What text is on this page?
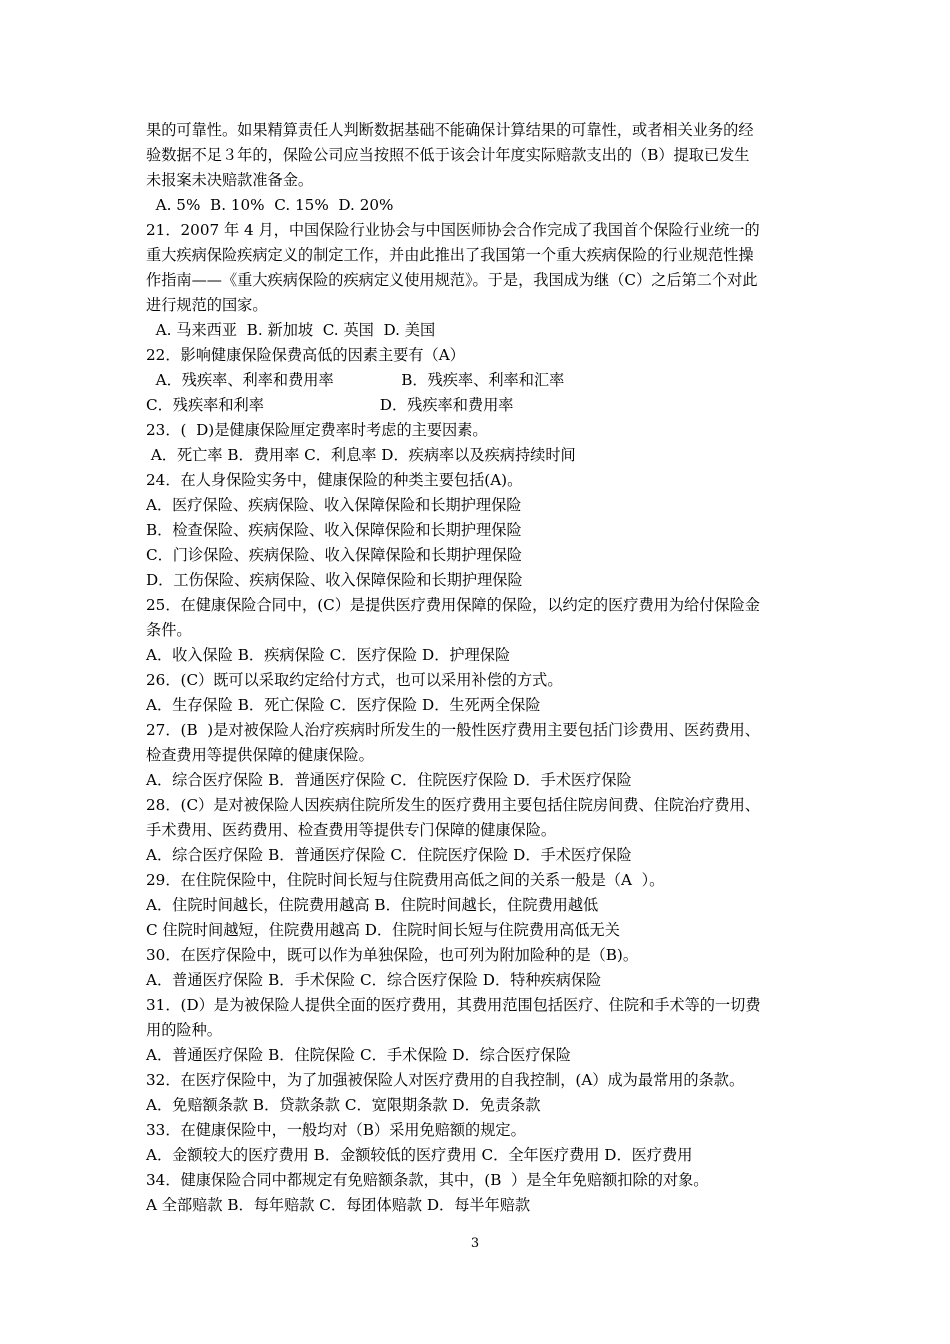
果的可靠性。如果精算责任人判断数据基础不能确保计算结果的可靠性，或者相关业务的经
验数据不足３年的，保险公司应当按照不低于该会计年度实际赔款支出的（B）提取已发生
未报案未决赔款准备金。
A. 5%  B. 10%  C. 15%  D. 20%
21．2007 年 4 月，中国保险行业协会与中国医师协会合作完成了我国首个保险行业统一的
重大疾病保险疾病定义的制定工作，并由此推出了我国第一个重大疾病保险的行业规范性操
作指南——《重大疾病保险的疾病定义使用规范》。于是，我国成为继（C）之后第二个对此
进行规范的国家。
A. 马来西亚  B. 新加坡  C. 英国  D. 美国
22．影响健康保险保费高低的因素主要有（A）
A．残疾率、利率和费用率              B．残疾率、利率和汇率
C．残疾率和利率                        D．残疾率和费用率
23．(  D)是健康保险厘定费率时考虑的主要因素。
A．死亡率 B．费用率 C．利息率 D．疾病率以及疾病持续时间
24．在人身保险实务中，健康保险的种类主要包括(A)。
A．医疗保险、疾病保险、收入保障保险和长期护理保险
B．检查保险、疾病保险、收入保障保险和长期护理保险
C．门诊保险、疾病保险、收入保障保险和长期护理保险
D．工伤保险、疾病保险、收入保障保险和长期护理保险
25．在健康保险合同中，(C）是提供医疗费用保障的保险，以约定的医疗费用为给付保险金
条件。
A．收入保险 B．疾病保险 C．医疗保险 D．护理保险
26．(C）既可以采取约定给付方式，也可以采用补偿的方式。
A．生存保险 B．死亡保险 C．医疗保险 D．生死两全保险
27．(B  )是对被保险人治疗疾病时所发生的一般性医疗费用主要包括门诊费用、医药费用、
检查费用等提供保障的健康保险。
A．综合医疗保险 B．普通医疗保险 C．住院医疗保险 D．手术医疗保险
28．(C）是对被保险人因疾病住院所发生的医疗费用主要包括住院房间费、住院治疗费用、
手术费用、医药费用、检查费用等提供专门保障的健康保险。
A．综合医疗保险 B．普通医疗保险 C．住院医疗保险 D．手术医疗保险
29．在住院保险中，住院时间长短与住院费用高低之间的关系一般是（A  ）。
A．住院时间越长，住院费用越高 B．住院时间越长，住院费用越低
C 住院时间越短，住院费用越高 D．住院时间长短与住院费用高低无关
30．在医疗保险中，既可以作为单独保险，也可列为附加险种的是（B)。
A．普通医疗保险 B．手术保险 C．综合医疗保险 D．特种疾病保险
31．(D）是为被保险人提供全面的医疗费用，其费用范围包括医疗、住院和手术等的一切费
用的险种。
A．普通医疗保险 B．住院保险 C．手术保险 D．综合医疗保险
32．在医疗保险中，为了加强被保险人对医疗费用的自我控制，(A）成为最常用的条款。
A．免赔额条款 B．贷款条款 C．宽限期条款 D．免责条款
33．在健康保险中，一般均对（B）采用免赔额的规定。
A．金额较大的医疗费用 B．金额较低的医疗费用 C．全年医疗费用 D．医疗费用
34．健康保险合同中都规定有免赔额条款，其中，(B  ）是全年免赔额扣除的对象。
A 全部赔款 B．每年赔款 C．每团体赔款 D．每半年赔款
3
